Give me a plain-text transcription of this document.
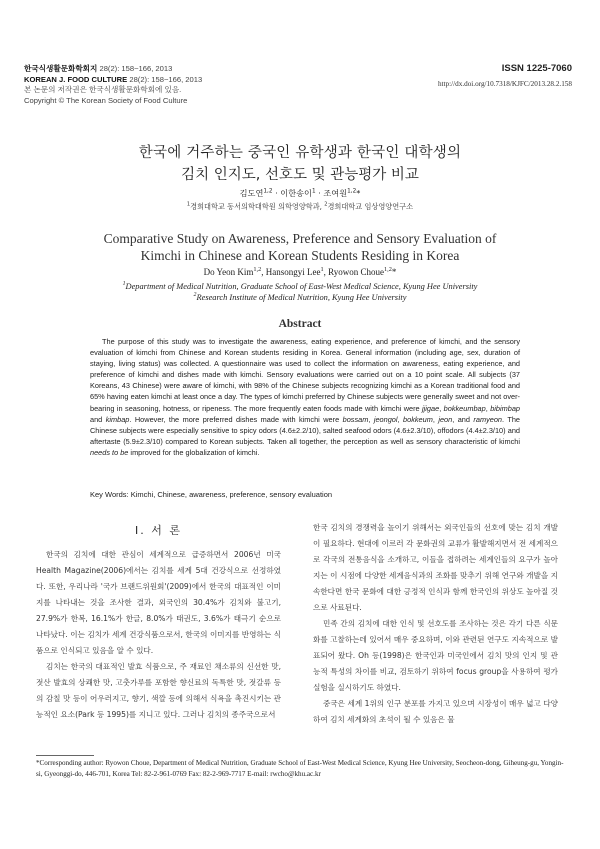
한국식생활문화학회지 28(2): 158~166, 2013
KOREAN J. FOOD CULTURE 28(2): 158~166, 2013
본 논문의 저작권은 한국식생활문화학회에 있음.
Copyright © The Korean Society of Food Culture
ISSN 1225-7060
http://dx.doi.org/10.7318/KJFC/2013.28.2.158
한국에 거주하는 중국인 유학생과 한국인 대학생의
김치 인지도, 선호도 및 관능평가 비교
김도연$^{1,2}$ · 이한송이$^1$ · 조여원$^{1,2}$*
$^1$경희대학교 동서의학대학원 의학영양학과, $^2$경희대학교 임상영양연구소
Comparative Study on Awareness, Preference and Sensory Evaluation of
Kimchi in Chinese and Korean Students Residing in Korea
Do Yeon Kim$^{1,2}$, Hansongyi Lee$^1$, Ryowon Choue$^{1,2}$*
$^1$Department of Medical Nutrition, Graduate School of East-West Medical Science, Kyung Hee University
$^2$Research Institute of Medical Nutrition, Kyung Hee University
Abstract
The purpose of this study was to investigate the awareness, eating experience, and preference of kimchi, and the sensory evaluation of kimchi from Chinese and Korean students residing in Korea. General information (including age, sex, duration of staying, living status) was collected. A questionnaire was used to collect the information on awareness, eating experience, and preference of kimchi and dishes made with kimchi. Sensory evaluations were carried out on a 10 point scale. All subjects (37 Koreans, 43 Chinese) were aware of kimchi, with 98% of the Chinese subjects recognizing kimchi as a Korean traditional food and 65% having eaten kimchi at least once a day. The types of kimchi preferred by Chinese subjects were generally sweet and not over-bearing in seasoning, hotness, or ripeness. The more frequently eaten foods made with kimchi were jjigae, bokkeumbap, bibimbap and kimbap. However, the more preferred dishes made with kimchi were bossam, jeongol, bokkeum, jeon, and ramyeon. The Chinese subjects were especially sensitive to spicy odors (4.6±2.2/10), salted seafood odors (4.6±2.3/10), offodors (4.4±2.3/10) and aftertaste (5.9±2.3/10) compared to Korean subjects. Taken all together, the perception as well as sensory characteristic of kimchi needs to be improved for the globalization of kimchi.
Key Words: Kimchi, Chinese, awareness, preference, sensory evaluation
Ⅰ. 서 론

한국의 김치에 대한 관심이 세계적으로 급증하면서 2006년 미국 Health Magazine(2006)에서는 김치를 세계 5대 건강식으로 선정하였다. 또한, 우리나라 '국가 브랜드위원회'(2009)에서 한국의 대표적인 이미지를 나타내는 것을 조사한 결과, 외국인의 30.4%가 김치와 불고기, 27.9%가 한복, 16.1%가 한글, 8.0%가 태권도, 3.6%가 태극기 순으로 나타났다. 이는 김치가 세계 건강식품으로서, 한국의 이미지를 반영하는 식품으로 인식되고 있음을 알 수 있다.

김치는 한국의 대표적인 발효 식품으로, 주 재료인 채소류의 신선한 맛, 젓산 발효의 상쾌한 맛, 고춧가루를 포함한 향신료의 독특한 맛, 젓갈류 등의 감칠 맛 등이 어우러지고, 향기, 색깔 등에 의해서 식욕을 촉진시키는 관능적인 요소(Park 등 1995)를 지니고 있다. 그러나 김치의 종주국으로서

한국 김치의 경쟁력을 높이기 위해서는 외국인들의 선호에 맞는 김치 개발이 필요하다. 현대에 이르러 각 문화권의 교류가 활발해지면서 전 세계적으로 각국의 전통음식을 소개하고, 이들을 접하려는 세계인들의 요구가 높아지는 이 시점에 다양한 세계음식과의 조화를 맞추기 위해 연구와 개발을 지속한다면 한국 문화에 대한 긍정적 인식과 함께 한국인의 위상도 높아질 것으로 사료된다.

민족 간의 김치에 대한 인식 및 선호도를 조사하는 것은 각기 다른 식문화를 고찰하는데 있어서 매우 중요하며, 이와 관련된 연구도 지속적으로 발표되어 왔다. Oh 등(1998)은 한국인과 미국인에서 김치 맛의 인지 및 관능적 특성의 차이를 비교, 검토하기 위하여 focus group을 사용하여 평가실험을 실시하기도 하였다.

중국은 세계 1위의 인구 분포를 가지고 있으며 시장성이 매우 넓고 다양하여 김치 세계화의 초석이 될 수 있음은 물

*Corresponding author: Ryowon Choue, Department of Medical Nutrition, Graduate School of East-West Medical Science, Kyung Hee University, Seocheon-dong, Giheung-gu, Yongin-si, Gyeonggi-do, 446-701, Korea Tel: 82-2-961-0769 Fax: 82-2-969-7717 E-mail: rwcho@khu.ac.kr
